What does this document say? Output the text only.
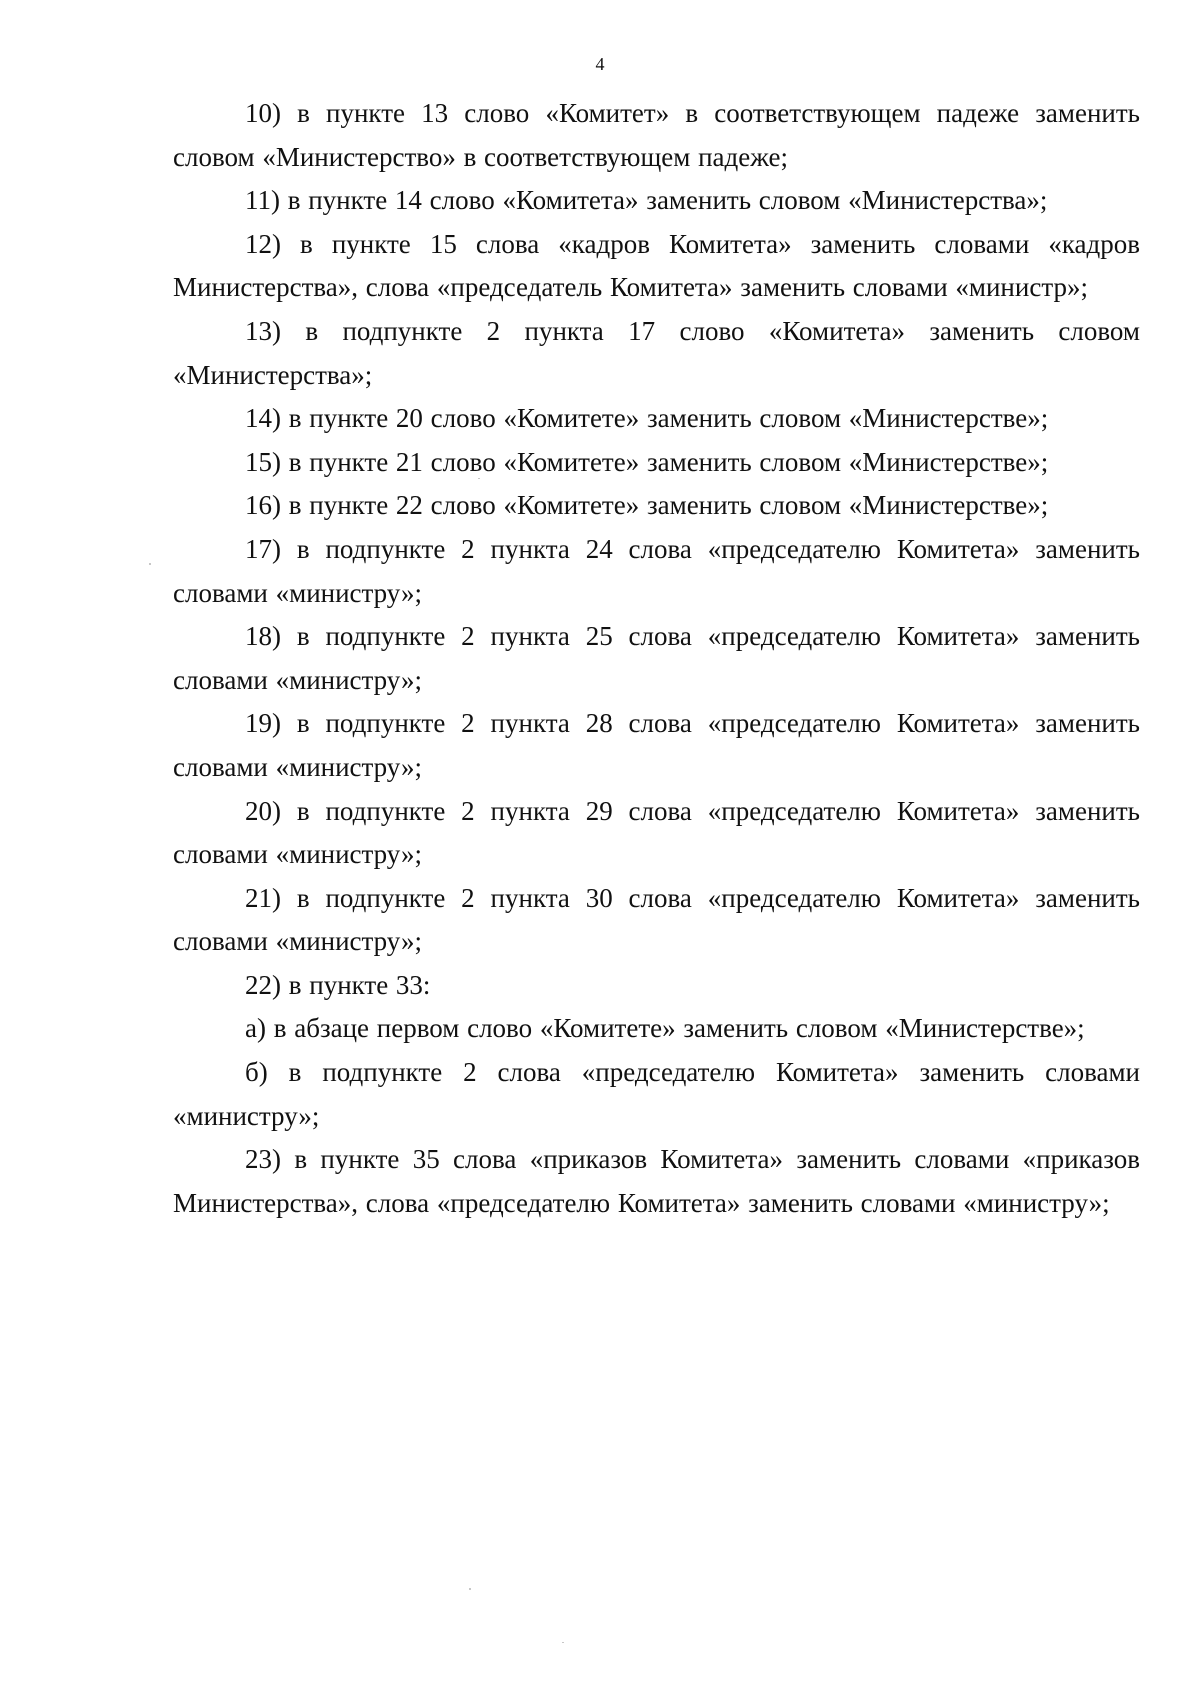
4

10) в пункте 13 слово «Комитет» в соответствующем падеже заменить словом «Министерство» в соответствующем падеже;

11) в пункте 14 слово «Комитета» заменить словом «Министерства»;

12) в пункте 15 слова «кадров Комитета» заменить словами «кадров Министерства», слова «председатель Комитета» заменить словами «министр»;

13) в подпункте 2 пункта 17 слово «Комитета» заменить словом «Министерства»;

14) в пункте 20 слово «Комитете» заменить словом «Министерстве»;

15) в пункте 21 слово «Комитете» заменить словом «Министерстве»;

16) в пункте 22 слово «Комитете» заменить словом «Министерстве»;

17) в подпункте 2 пункта 24 слова «председателю Комитета» заменить словами «министру»;

18) в подпункте 2 пункта 25 слова «председателю Комитета» заменить словами «министру»;

19) в подпункте 2 пункта 28 слова «председателю Комитета» заменить словами «министру»;

20) в подпункте 2 пункта 29 слова «председателю Комитета» заменить словами «министру»;

21) в подпункте 2 пункта 30 слова «председателю Комитета» заменить словами «министру»;

22) в пункте 33:

а) в абзаце первом слово «Комитете» заменить словом «Министерстве»;

б) в подпункте 2 слова «председателю Комитета» заменить словами «министру»;

23) в пункте 35 слова «приказов Комитета» заменить словами «приказов Министерства», слова «председателю Комитета» заменить словами «министру»;
